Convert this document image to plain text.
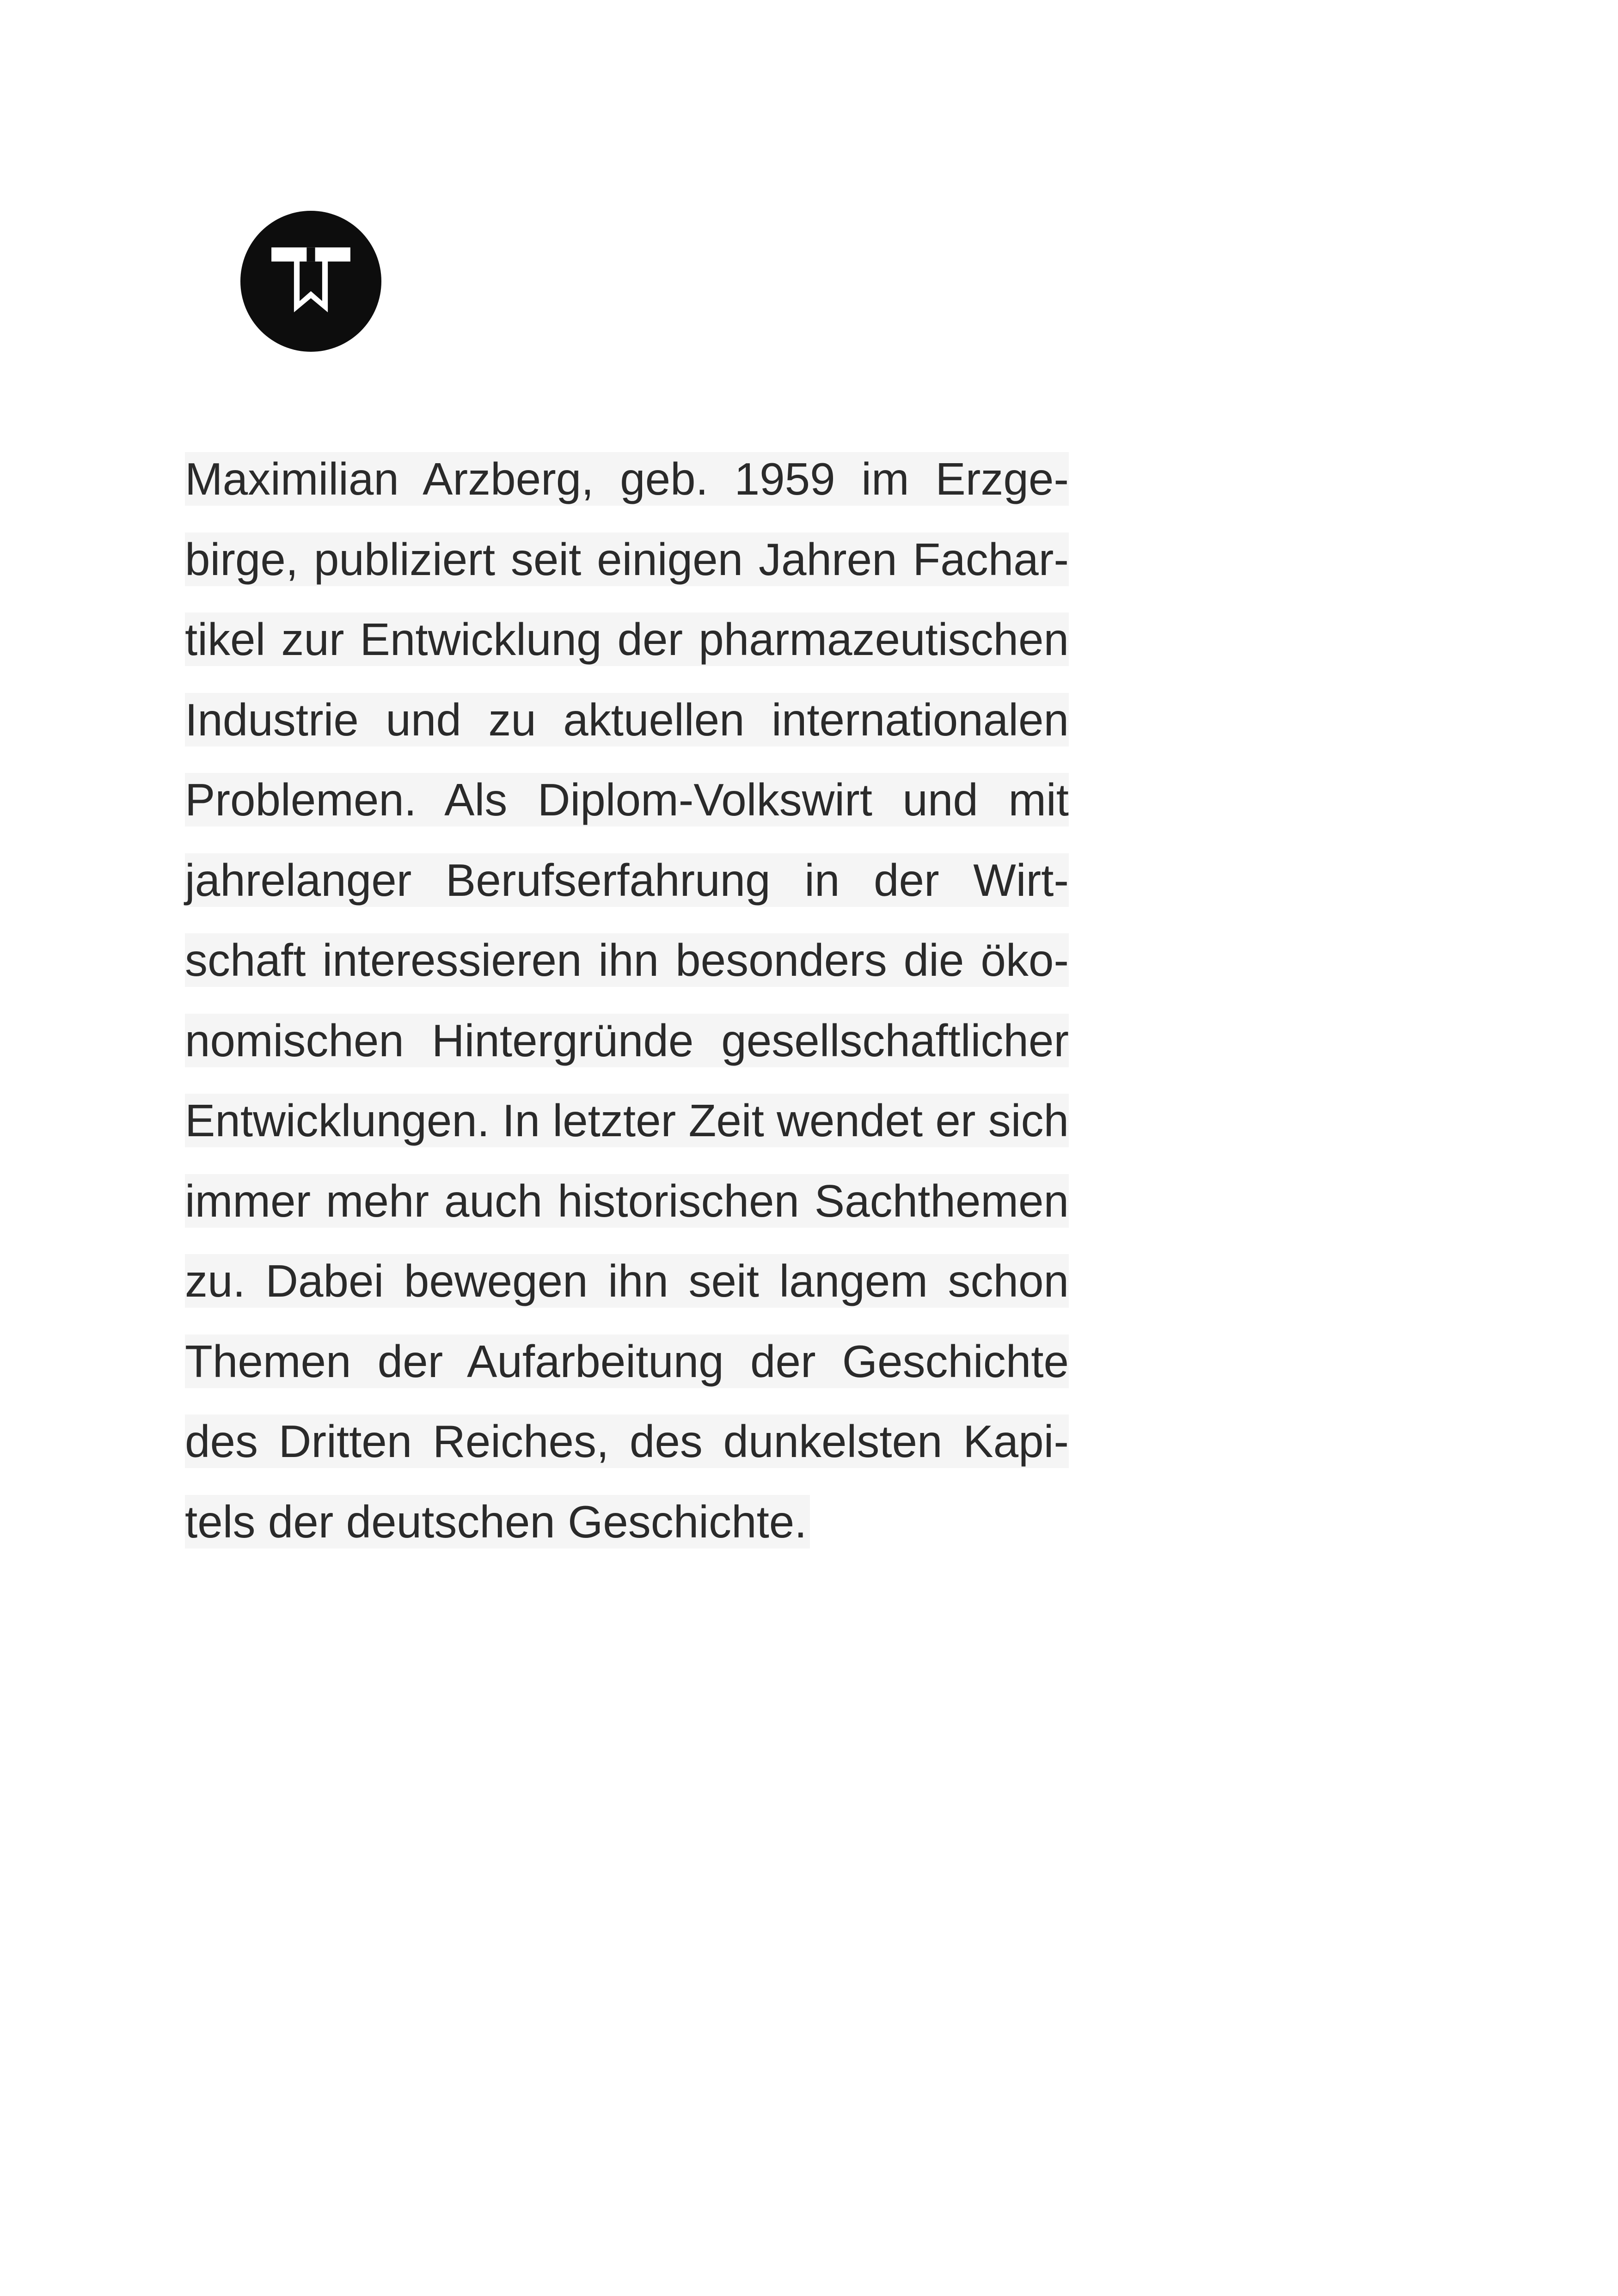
Maximilian Arzberg, geb. 1959 im Erzge-
birge, publiziert seit einigen Jahren Fachar-
tikel zur Entwicklung der pharmazeutischen
Industrie und zu aktuellen internationalen
Problemen. Als Diplom-Volkswirt und mit
jahrelanger Berufserfahrung in der Wirt-
schaft interessieren ihn besonders die öko-
nomischen Hintergründe gesellschaftlicher
Entwicklungen. In letzter Zeit wendet er sich
immer mehr auch historischen Sachthemen
zu. Dabei bewegen ihn seit langem schon
Themen der Aufarbeitung der Geschichte
des Dritten Reiches, des dunkelsten Kapi-
tels der deutschen Geschichte.
